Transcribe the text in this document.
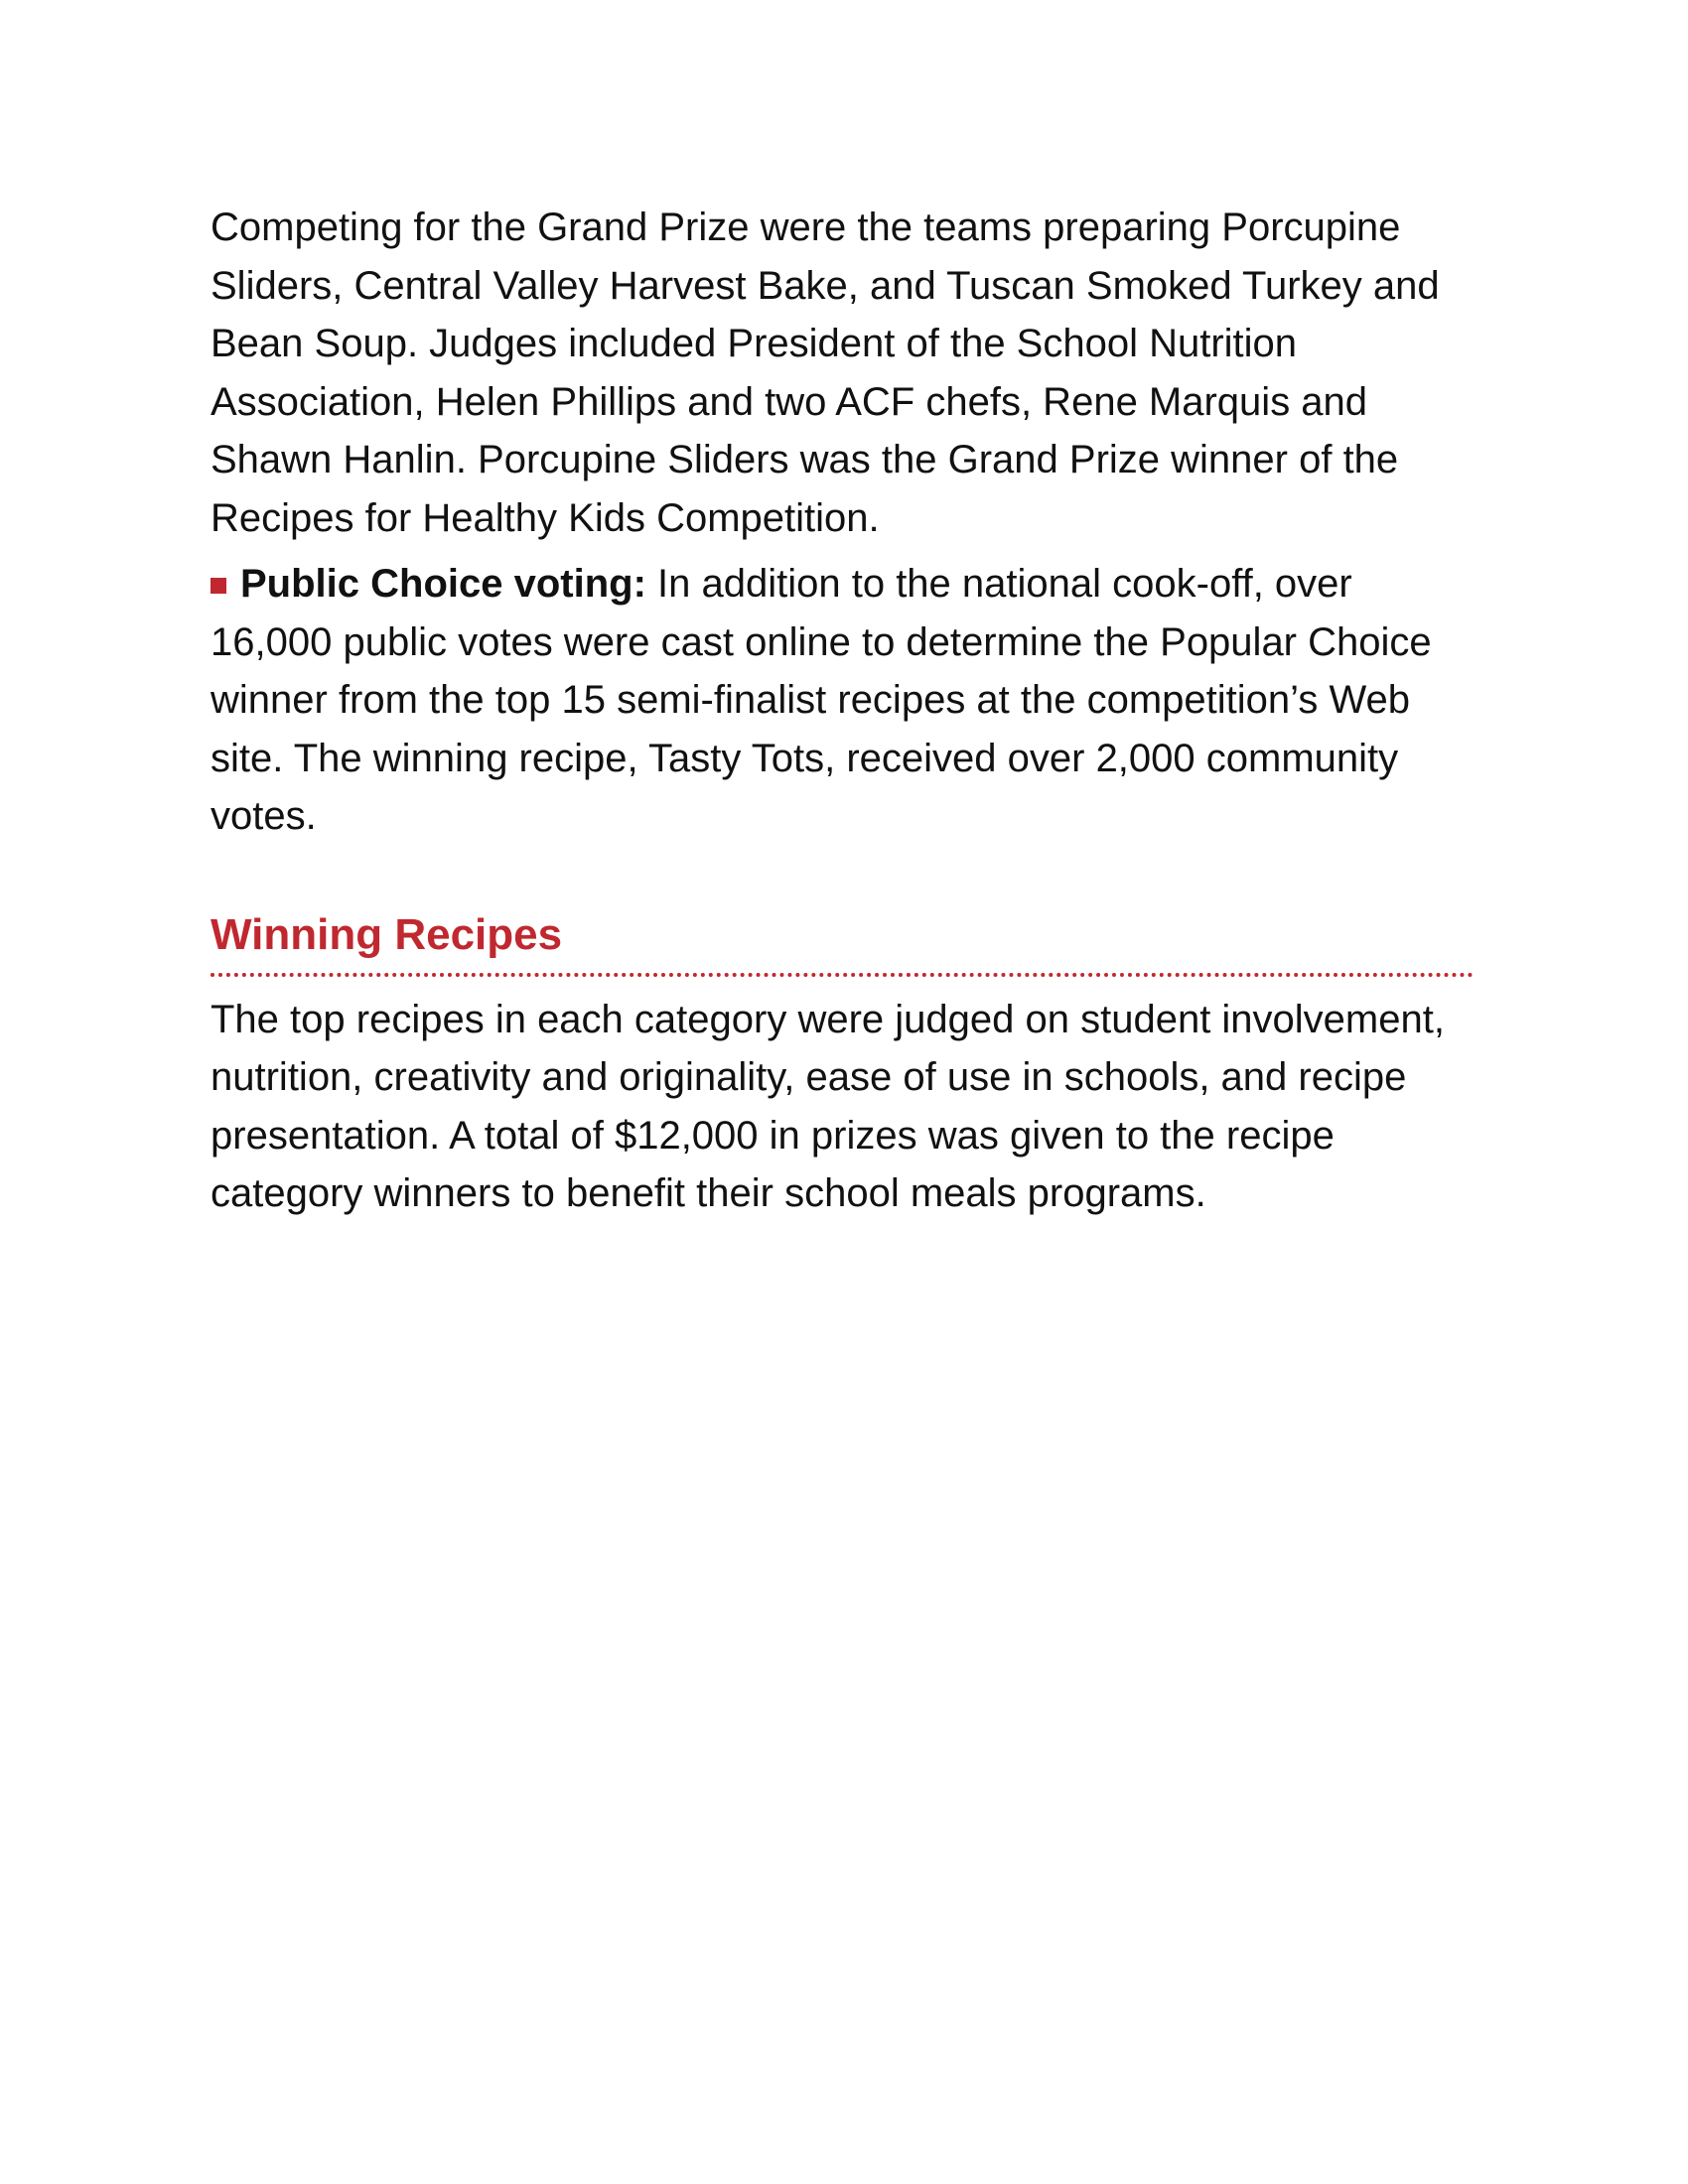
Competing for the Grand Prize were the teams preparing Porcupine Sliders, Central Valley Harvest Bake, and Tuscan Smoked Turkey and Bean Soup. Judges included President of the School Nutrition Association, Helen Phillips and two ACF chefs, Rene Marquis and Shawn Hanlin. Porcupine Sliders was the Grand Prize winner of the Recipes for Healthy Kids Competition.

Public Choice voting: In addition to the national cook-off, over 16,000 public votes were cast online to determine the Popular Choice winner from the top 15 semi-finalist recipes at the competition’s Web site. The winning recipe, Tasty Tots, received over 2,000 community votes.

Winning Recipes

The top recipes in each category were judged on student involvement, nutrition, creativity and originality, ease of use in schools, and recipe presentation. A total of $12,000 in prizes was given to the recipe category winners to benefit their school meals programs.
